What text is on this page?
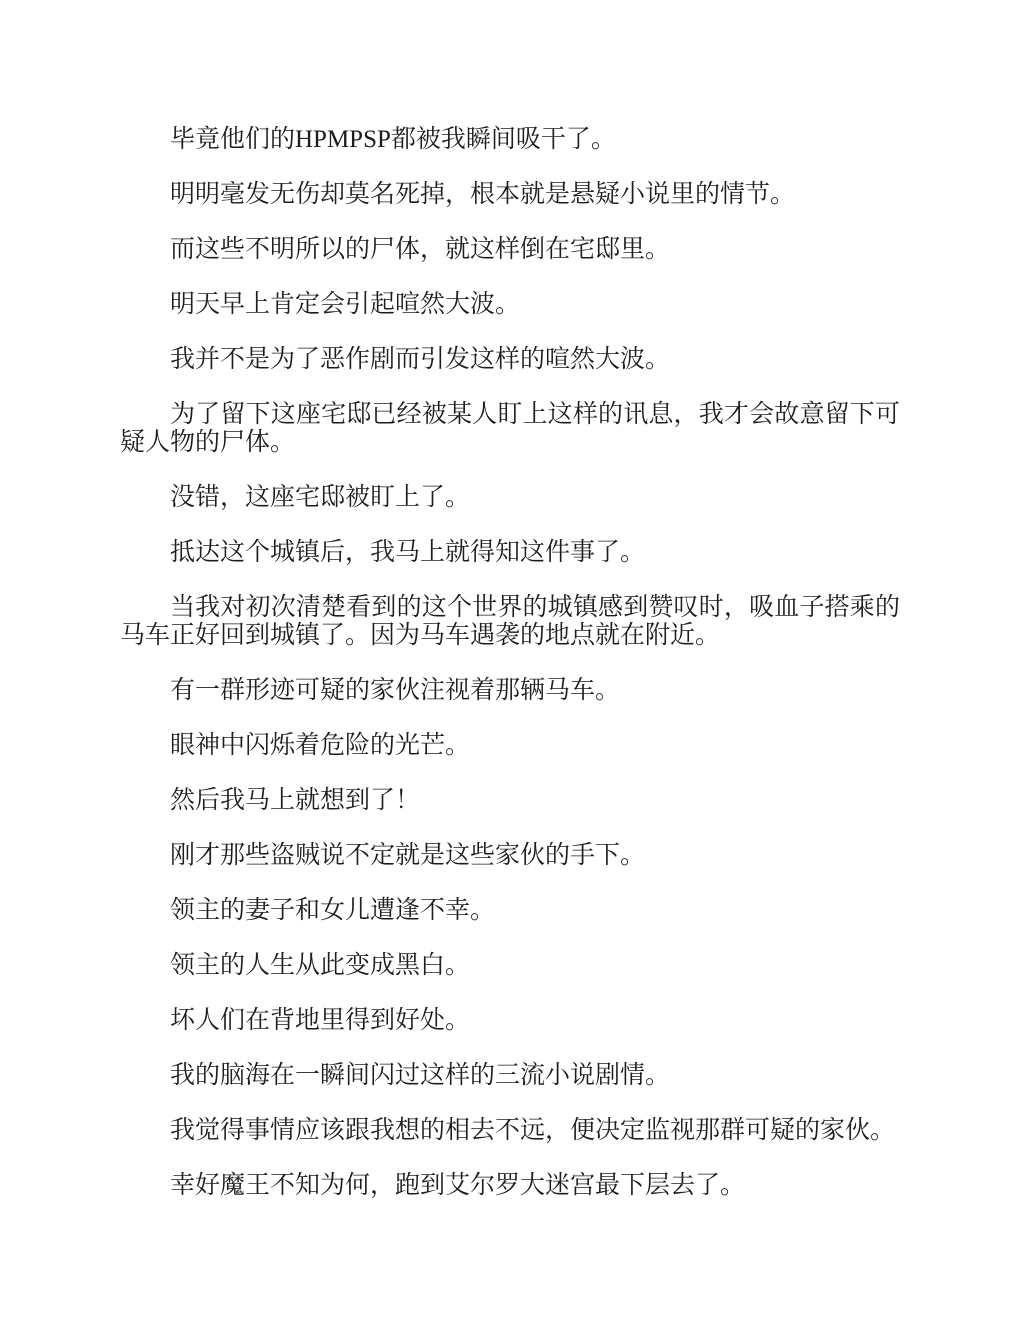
毕竟他们的HPMPSP都被我瞬间吸干了。

明明毫发无伤却莫名死掉，根本就是悬疑小说里的情节。

而这些不明所以的尸体，就这样倒在宅邸里。

明天早上肯定会引起喧然大波。

我并不是为了恶作剧而引发这样的喧然大波。

为了留下这座宅邸已经被某人盯上这样的讯息，我才会故意留下可疑人物的尸体。

没错，这座宅邸被盯上了。

抵达这个城镇后，我马上就得知这件事了。

当我对初次清楚看到的这个世界的城镇感到赞叹时，吸血子搭乘的马车正好回到城镇了。因为马车遇袭的地点就在附近。

有一群形迹可疑的家伙注视着那辆马车。

眼神中闪烁着危险的光芒。

然后我马上就想到了！

刚才那些盗贼说不定就是这些家伙的手下。

领主的妻子和女儿遭逢不幸。

领主的人生从此变成黑白。

坏人们在背地里得到好处。

我的脑海在一瞬间闪过这样的三流小说剧情。

我觉得事情应该跟我想的相去不远，便决定监视那群可疑的家伙。

幸好魔王不知为何，跑到艾尔罗大迷宫最下层去了。
